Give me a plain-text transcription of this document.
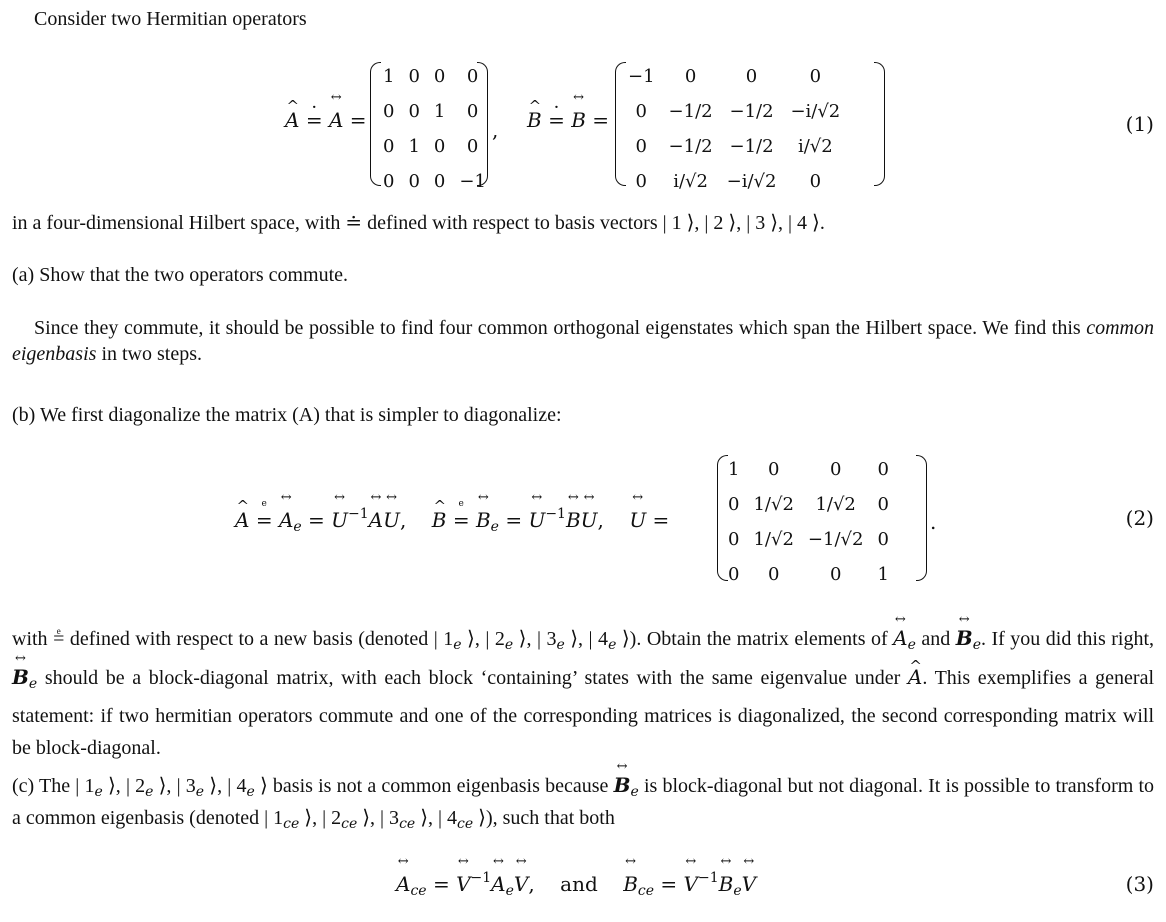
Consider two Hermitian operators
^ A · = ↔ A =
1	0	0	0
0	0	1	0
0	1	0	0
0	0	0	−1
, ^ B · = ↔ B =
−1	0	0	0
0	−1/2	−1/2	−i/√2
0	−1/2	−1/2	i/√2
0	i/√2	−i/√2	0
(1)
in a four-dimensional Hilbert space, with ≐ defined with respect to basis vectors | 1 ⟩, | 2 ⟩, | 3 ⟩, | 4 ⟩.
(a) Show that the two operators commute.
Since they commute, it should be possible to find four common orthogonal eigenstates which span the Hilbert space. We find this common eigenbasis in two steps.
(b) We first diagonalize the matrix (A) that is simpler to diagonalize:
^ A e = ↔ $A_e$ = ↔ $U^{-1}\leftrightarrow$ A↔ U,    ^ B e = ↔ $B_e$ = ↔ $U^{-1}\leftrightarrow$ B↔ U,    ↔ U =
1	0	0	0
0	1/√2	1/√2	0
0	1/√2	−1/√2	0
0	0	0	1
.	(2)
with e = defined with respect to a new basis (denoted | $1_e$ ⟩, | $2_e$ ⟩, | $3_e$ ⟩, | $4_e$ ⟩). Obtain the matrix elements of ↔ $A_e$ and ↔ $B_e$. If you did this right, ↔ $B_e$ should be a block-diagonal matrix, with each block ‘containing’ states with the same eigenvalue under ^ A. This exemplifies a general statement: if two hermitian operators commute and one of the corresponding matrices is diagonalized, the second corresponding matrix will be block-diagonal.
(c) The | $1_e$ ⟩, | $2_e$ ⟩, | $3_e$ ⟩, | $4_e$ ⟩ basis is not a common eigenbasis because ↔ $B_e$ is block-diagonal but not diagonal. It is possible to transform to a common eigenbasis (denoted | $1_{ce}$ ⟩, | $2_{ce}$ ⟩, | $3_{ce}$ ⟩, | $4_{ce}$ ⟩), such that both
↔ $A_{ce}$ = ↔ $V^{-1}\leftrightarrow$ $A_e\leftrightarrow$ V,    and ↔ $B_{ce}$ = ↔ $V^{-1}\leftrightarrow$ $B_e\leftrightarrow$ V	(3)
